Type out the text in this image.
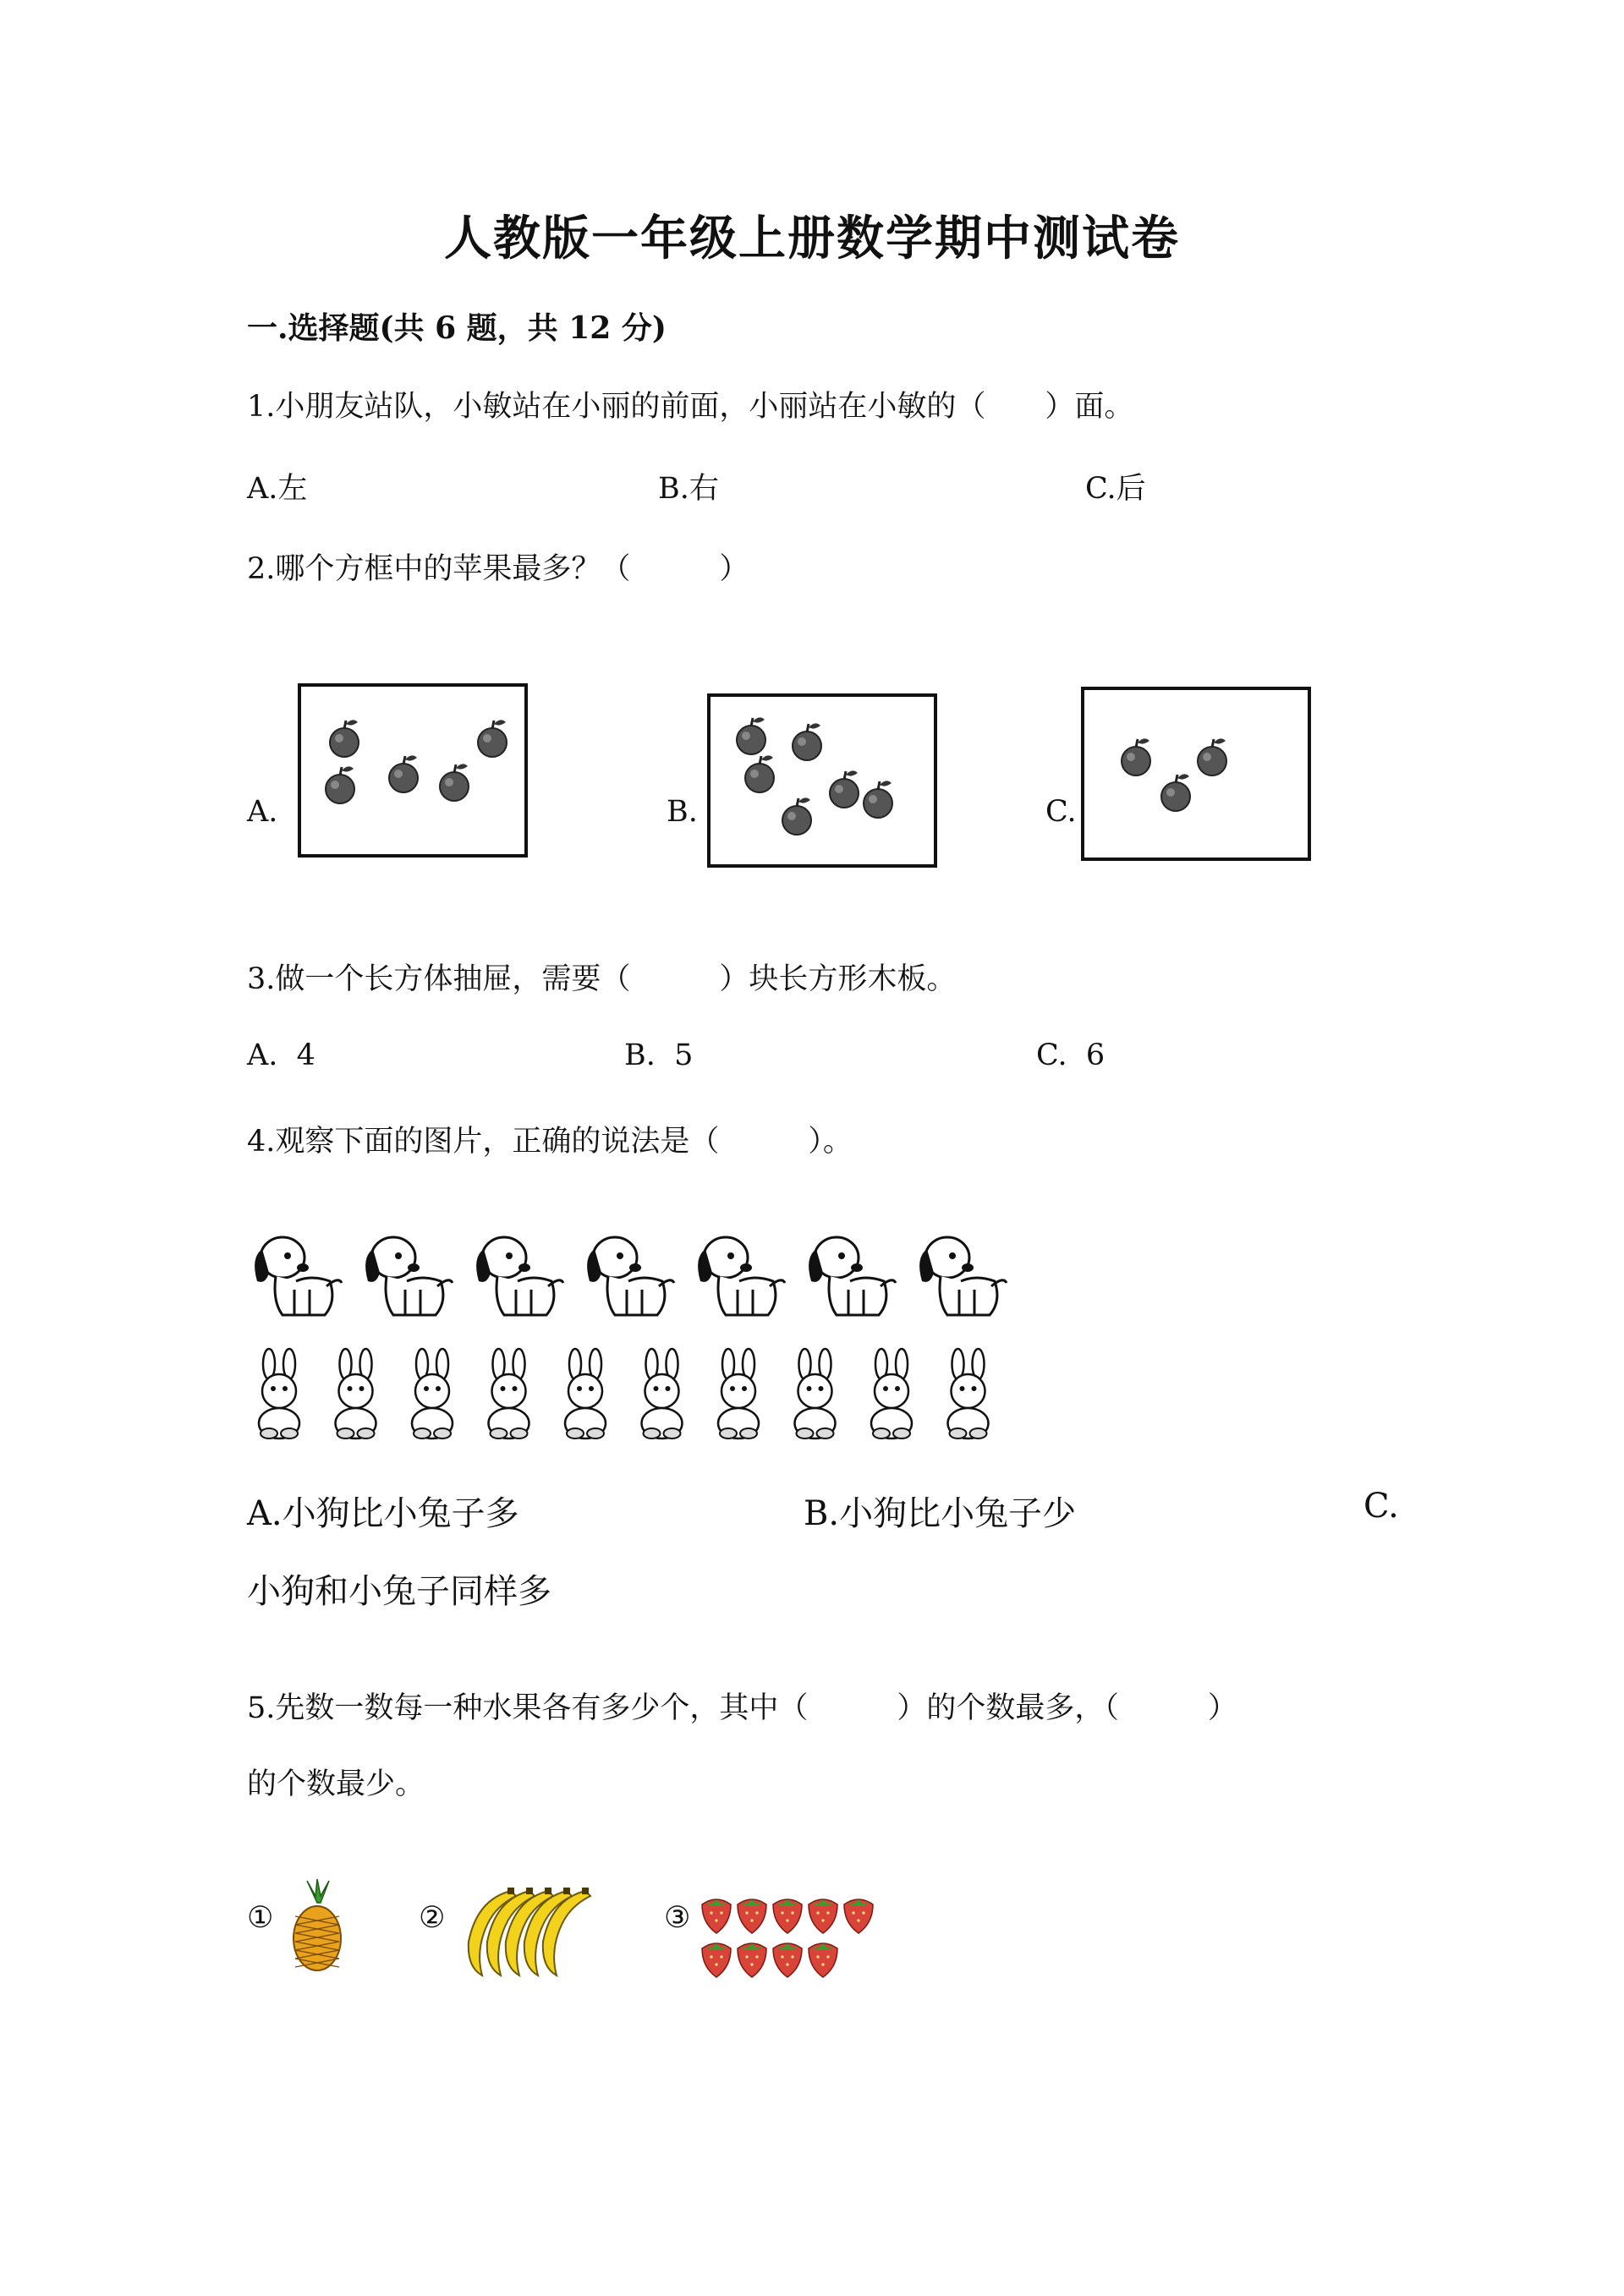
人教版一年级上册数学期中测试卷
一.选择题(共 6 题，共 12 分)
1.小朋友站队，小敏站在小丽的前面，小丽站在小敏的（　　）面。
A.左	B.右	C.后
2.哪个方框中的苹果最多？（　　　）
A.	B.	C.
3.做一个长方体抽屉，需要（　　　）块长方形木板。
A.  4	B.  5	C.  6
4.观察下面的图片，正确的说法是（　　　）。
A.小狗比小兔子多	B.小狗比小兔子少	C.
小狗和小兔子同样多
5.先数一数每一种水果各有多少个，其中（　　　）的个数最多，（　　　）
的个数最少。
①	②	③
